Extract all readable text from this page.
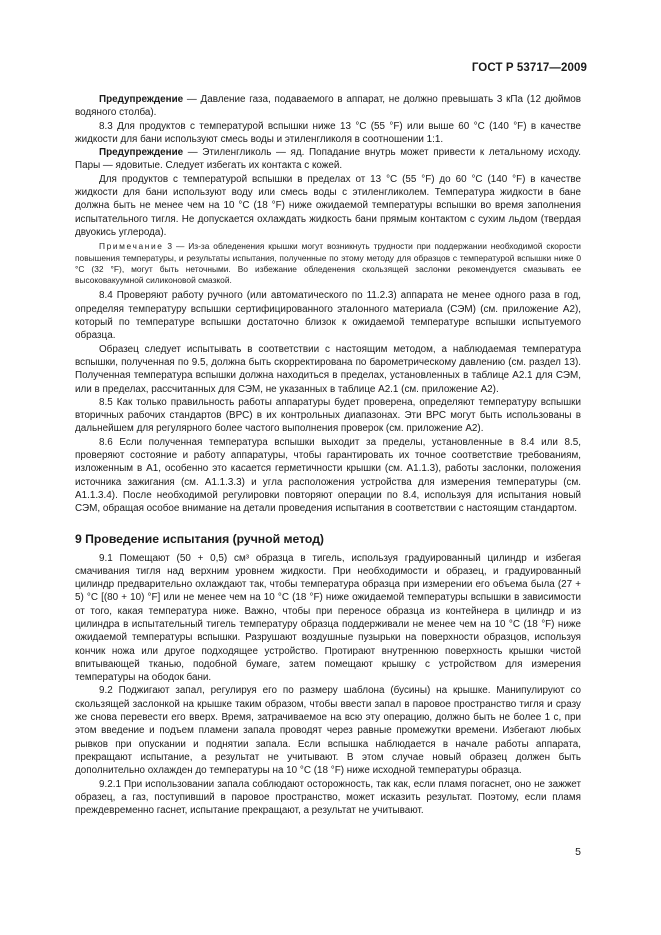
ГОСТ Р 53717—2009

Предупреждение — Давление газа, подаваемого в аппарат, не должно превышать 3 кПа (12 дюймов водяного столба).

8.3 Для продуктов с температурой вспышки ниже 13 °C (55 °F) или выше 60 °C (140 °F) в качестве жидкости для бани используют смесь воды и этиленгликоля в соотношении 1:1.

Предупреждение — Этиленгликоль — яд. Попадание внутрь может привести к летальному исходу. Пары — ядовитые. Следует избегать их контакта с кожей.

Для продуктов с температурой вспышки в пределах от 13 °C (55 °F) до 60 °C (140 °F) в качестве жидкости для бани используют воду или смесь воды с этиленгликолем. Температура жидкости в бане должна быть не менее чем на 10 °C (18 °F) ниже ожидаемой температуры вспышки во время заполнения испытательного тигля. Не допускается охлаждать жидкость бани прямым контактом с сухим льдом (твердая двуокись углерода).

Примечание 3 — Из-за обледенения крышки могут возникнуть трудности при поддержании необходимой скорости повышения температуры, и результаты испытания, полученные по этому методу для образцов с температурой вспышки ниже 0 °C (32 °F), могут быть неточными. Во избежание обледенения скользящей заслонки рекомендуется смазывать ее высоковакуумной силиконовой смазкой.

8.4 Проверяют работу ручного (или автоматического по 11.2.3) аппарата не менее одного раза в год, определяя температуру вспышки сертифицированного эталонного материала (СЭМ) (см. приложение А2), который по температуре вспышки достаточно близок к ожидаемой температуре вспышки испытуемого образца.

Образец следует испытывать в соответствии с настоящим методом, а наблюдаемая температура вспышки, полученная по 9.5, должна быть скорректирована по барометрическому давлению (см. раздел 13). Полученная температура вспышки должна находиться в пределах, установленных в таблице А2.1 для СЭМ, или в пределах, рассчитанных для СЭМ, не указанных в таблице А2.1 (см. приложение А2).

8.5 Как только правильность работы аппаратуры будет проверена, определяют температуру вспышки вторичных рабочих стандартов (ВРС) в их контрольных диапазонах. Эти ВРС могут быть использованы в дальнейшем для регулярного более частого выполнения проверок (см. приложение А2).

8.6 Если полученная температура вспышки выходит за пределы, установленные в 8.4 или 8.5, проверяют состояние и работу аппаратуры, чтобы гарантировать их точное соответствие требованиям, изложенным в А1, особенно это касается герметичности крышки (см. А1.1.3), работы заслонки, положения источника зажигания (см. А1.1.3.3) и угла расположения устройства для измерения температуры (см. А1.1.3.4). После необходимой регулировки повторяют операции по 8.4, используя для испытания новый СЭМ, обращая особое внимание на детали проведения испытания в соответствии с настоящим стандартом.

9 Проведение испытания (ручной метод)

9.1 Помещают (50 + 0,5) см³ образца в тигель, используя градуированный цилиндр и избегая смачивания тигля над верхним уровнем жидкости. При необходимости и образец, и градуированный цилиндр предварительно охлаждают так, чтобы температура образца при измерении его объема была (27 + 5) °C [(80 + 10) °F] или не менее чем на 10 °C (18 °F) ниже ожидаемой температуры вспышки в зависимости от того, какая температура ниже. Важно, чтобы при переносе образца из контейнера в цилиндр и из цилиндра в испытательный тигель температуру образца поддерживали не менее чем на 10 °C (18 °F) ниже ожидаемой температуры вспышки. Разрушают воздушные пузырьки на поверхности образцов, используя кончик ножа или другое подходящее устройство. Протирают внутреннюю поверхность крышки чистой впитывающей тканью, подобной бумаге, затем помещают крышку с устройством для измерения температуры на ободок бани.

9.2 Поджигают запал, регулируя его по размеру шаблона (бусины) на крышке. Манипулируют со скользящей заслонкой на крышке таким образом, чтобы ввести запал в паровое пространство тигля и сразу же снова перевести его вверх. Время, затрачиваемое на всю эту операцию, должно быть не более 1 с, при этом введение и подъем пламени запала проводят через равные промежутки времени. Избегают любых рывков при опускании и поднятии запала. Если вспышка наблюдается в начале работы аппарата, прекращают испытание, а результат не учитывают. В этом случае новый образец должен быть дополнительно охлажден до температуры на 10 °C (18 °F) ниже исходной температуры образца.

9.2.1 При использовании запала соблюдают осторожность, так как, если пламя погаснет, оно не зажжет образец, а газ, поступивший в паровое пространство, может исказить результат. Поэтому, если пламя преждевременно гаснет, испытание прекращают, а результат не учитывают.

5
